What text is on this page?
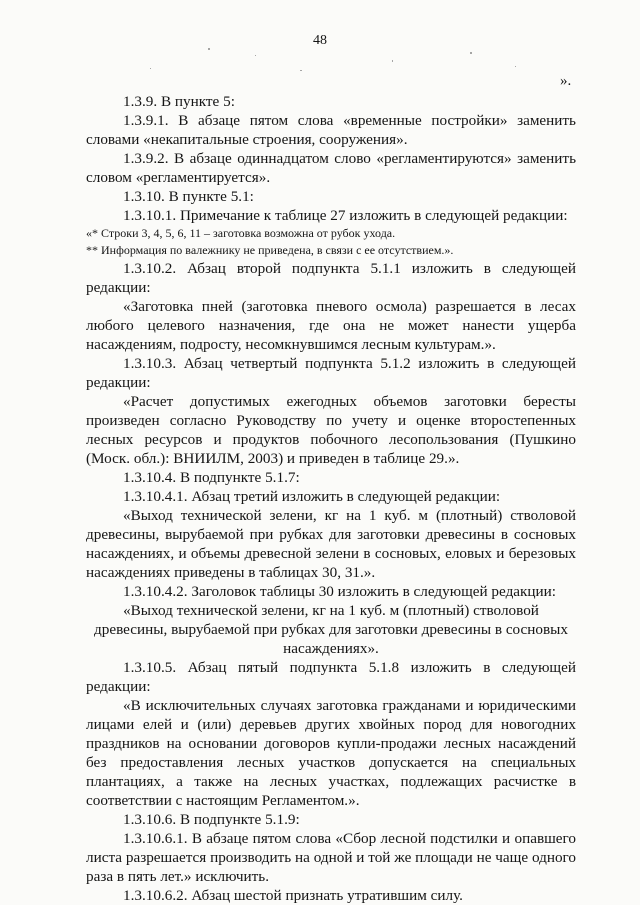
48
».

1.3.9. В пункте 5:

1.3.9.1. В абзаце пятом слова «временные постройки» заменить словами «некапитальные строения, сооружения».

1.3.9.2. В абзаце одиннадцатом слово «регламентируются» заменить словом «регламентируется».

1.3.10. В пункте 5.1:

1.3.10.1. Примечание к таблице 27 изложить в следующей редакции:

«* Строки 3, 4, 5, 6, 11 – заготовка возможна от рубок ухода.

** Информация по валежнику не приведена, в связи с ее отсутствием.».

1.3.10.2. Абзац второй подпункта 5.1.1 изложить в следующей редакции:

«Заготовка пней (заготовка пневого осмола) разрешается в лесах любого целевого назначения, где она не может нанести ущерба насаждениям, подросту, несомкнувшимся лесным культурам.».

1.3.10.3. Абзац четвертый подпункта 5.1.2 изложить в следующей редакции:

«Расчет допустимых ежегодных объемов заготовки бересты произведен согласно Руководству по учету и оценке второстепенных лесных ресурсов и продуктов побочного лесопользования (Пушкино (Моск. обл.): ВНИИЛМ, 2003) и приведен в таблице 29.».

1.3.10.4. В подпункте 5.1.7:

1.3.10.4.1. Абзац третий изложить в следующей редакции:

«Выход технической зелени, кг на 1 куб. м (плотный) стволовой древесины, вырубаемой при рубках для заготовки древесины в сосновых насаждениях, и объемы древесной зелени в сосновых, еловых и березовых насаждениях приведены в таблицах 30, 31.».

1.3.10.4.2. Заголовок таблицы 30 изложить в следующей редакции:

«Выход технической зелени, кг на 1 куб. м (плотный) стволовой древесины, вырубаемой при рубках для заготовки древесины в сосновых насаждениях».

1.3.10.5. Абзац пятый подпункта 5.1.8 изложить в следующей редакции:

«В исключительных случаях заготовка гражданами и юридическими лицами елей и (или) деревьев других хвойных пород для новогодних праздников на основании договоров купли-продажи лесных насаждений без предоставления лесных участков допускается на специальных плантациях, а также на лесных участках, подлежащих расчистке в соответствии с настоящим Регламентом.».

1.3.10.6. В подпункте 5.1.9:

1.3.10.6.1. В абзаце пятом слова «Сбор лесной подстилки и опавшего листа разрешается производить на одной и той же площади не чаще одного раза в пять лет.» исключить.

1.3.10.6.2. Абзац шестой признать утратившим силу.
